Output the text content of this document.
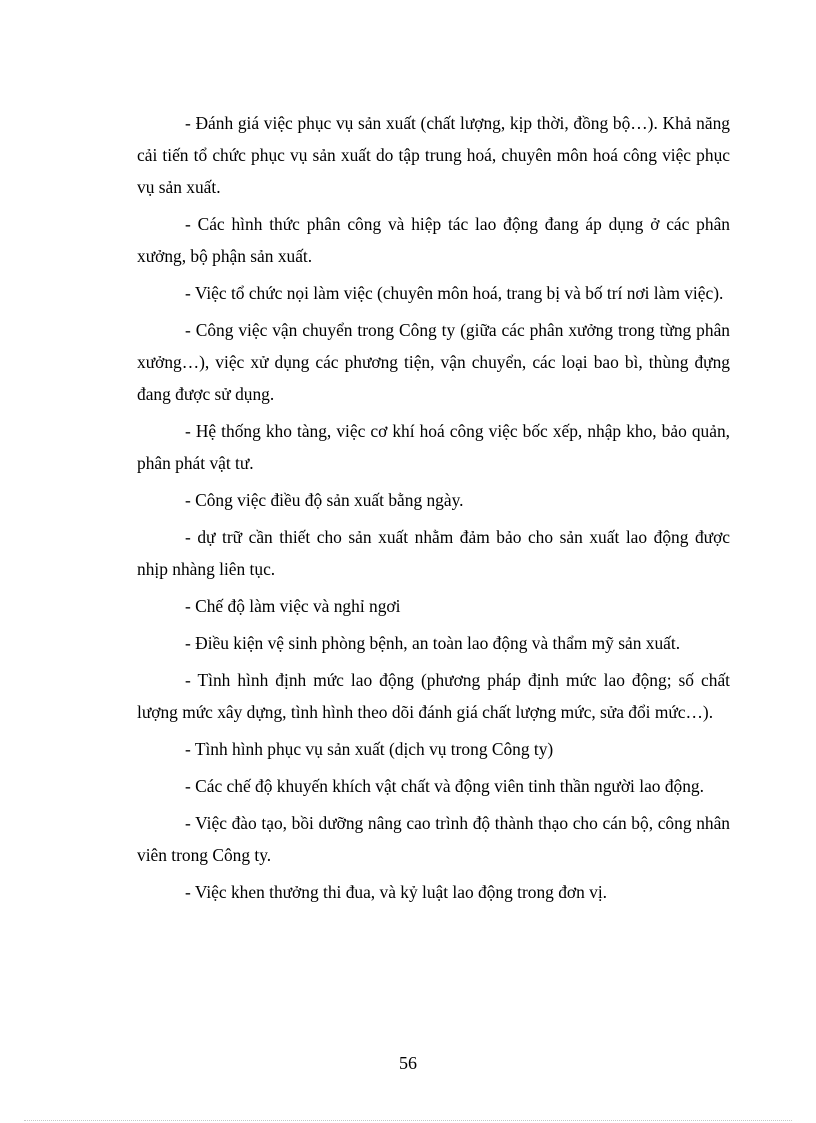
- Đánh giá việc phục vụ sản xuất (chất lượng, kịp thời, đồng bộ…). Khả năng cải tiến tổ chức phục vụ sản xuất do tập trung hoá, chuyên môn hoá công việc phục vụ sản xuất.

- Các hình thức phân công và hiệp tác lao động đang áp dụng ở các phân xưởng, bộ phận sản xuất.

- Việc tổ chức nọi làm việc (chuyên môn hoá, trang bị và bố trí nơi làm việc).

- Công việc vận chuyển trong Công ty (giữa các phân xưởng trong từng phân xưởng…), việc xử dụng các phương tiện, vận chuyển, các loại bao bì, thùng đựng đang được sử dụng.

- Hệ thống kho tàng, việc cơ khí hoá công việc bốc xếp, nhập kho, bảo quản, phân phát vật tư.

- Công việc điều độ sản xuất bằng ngày.

- dự trữ cần thiết cho sản xuất nhằm đảm bảo cho sản xuất lao động được nhịp nhàng liên tục.

- Chế độ làm việc và nghỉ ngơi

- Điều kiện vệ sinh phòng bệnh, an toàn lao động và thẩm mỹ sản xuất.

- Tình hình định mức lao động (phương pháp định mức lao động; số chất lượng mức xây dựng, tình hình theo dõi đánh giá chất lượng mức, sửa đổi mức…).

- Tình hình phục vụ sản xuất (dịch vụ trong Công ty)

- Các chế độ khuyến khích vật chất và động viên tinh thần người lao động.

- Việc đào tạo, bồi dưỡng nâng cao trình độ thành thạo cho cán bộ, công nhân viên trong Công ty.

- Việc khen thưởng thi đua, và kỷ luật lao động trong đơn vị.

56
